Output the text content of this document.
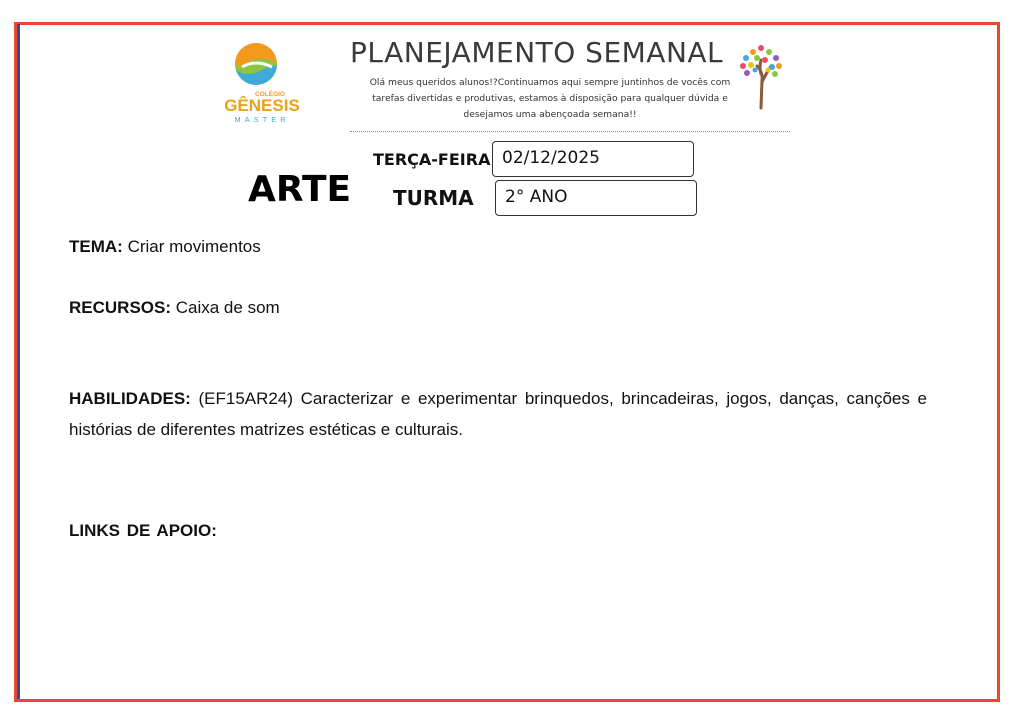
COLÉGIO
GÊNESIS
MASTER
PLANEJAMENTO SEMANAL
Olá meus queridos alunos!?Continuamos aqui sempre juntinhos de vocês com tarefas divertidas e produtivas, estamos à disposição para qualquer dúvida e desejamos uma abençoada semana!!
ARTE
TERÇA-FEIRA 02/12/2025
TURMA	2° ANO
TEMA: Criar movimentos
RECURSOS: Caixa de som
HABILIDADES: (EF15AR24) Caracterizar e experimentar brinquedos, brincadeiras, jogos, danças, canções e histórias de diferentes matrizes estéticas e culturais.
LINKS DE APOIO:
